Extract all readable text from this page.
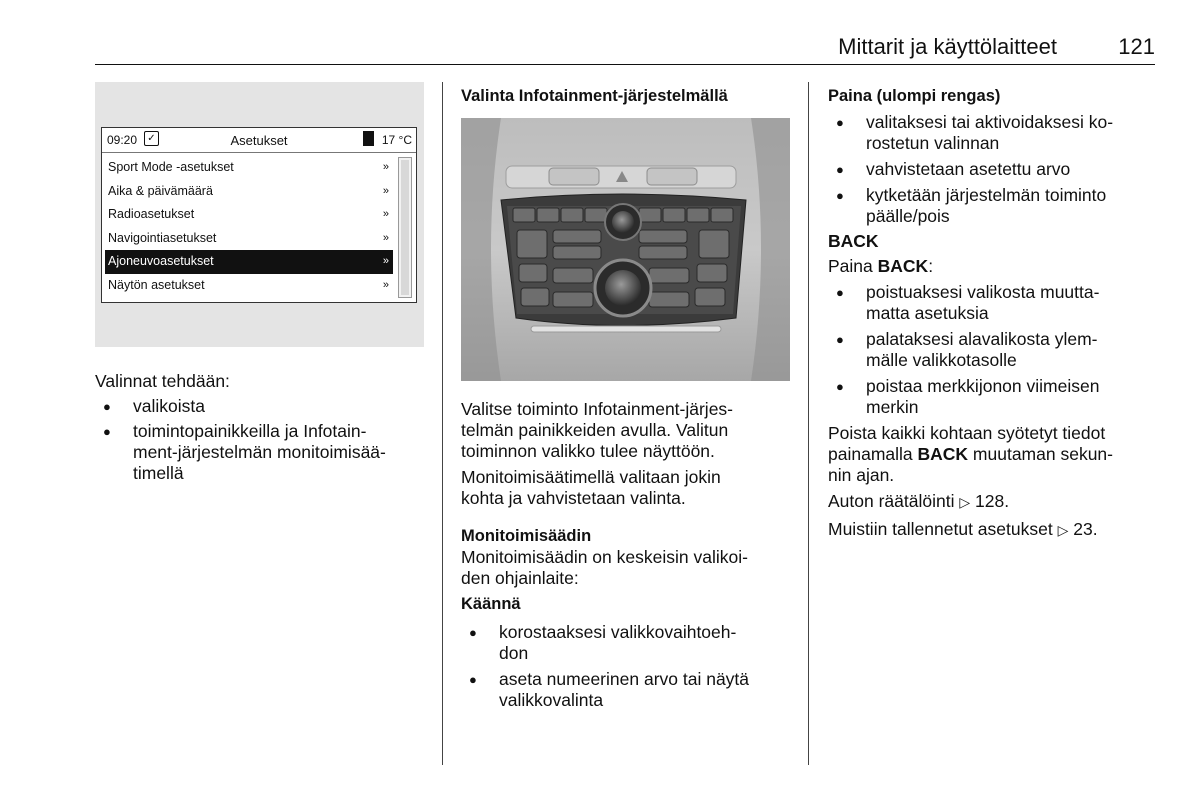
Mittarit ja käyttölaitteet	121
09:20	✓	Asetukset	17 °C
Sport Mode -asetukset	»
Aika & päivämäärä	»
Radioasetukset	»
Navigointiasetukset	»
Ajoneuvoasetukset	»
Näytön asetukset	»

Valinnat tehdään:

● valikoista
● toimintopainikkeilla ja Infotain-
ment-järjestelmän monitoimisää-
timellä

Valinta Infotainment-järjestelmällä

Valitse toiminto Infotainment-järjes-
telmän painikkeiden avulla. Valitun
toiminnon valikko tulee näyttöön.

Monitoimisäätimellä valitaan jokin
kohta ja vahvistetaan valinta.

Monitoimisäädin

Monitoimisäädin on keskeisin valikoi-
den ohjainlaite:

Käännä

● korostaaksesi valikkovaihtoeh-
don
● aseta numeerinen arvo tai näytä
valikkovalinta

Paina (ulompi rengas)

● valitaksesi tai aktivoidaksesi ko-
rostetun valinnan
● vahvistetaan asetettu arvo
● kytketään järjestelmän toiminto
päälle/pois

BACK

Paina BACK:

● poistuaksesi valikosta muutta-
matta asetuksia
● palataksesi alavalikosta ylem-
mälle valikkotasolle
● poistaa merkkijonon viimeisen
merkin

Poista kaikki kohtaan syötetyt tiedot
painamalla BACK muutaman sekun-
nin ajan.

Auton räätälöinti ▷ 128.

Muistiin tallennetut asetukset ▷ 23.
